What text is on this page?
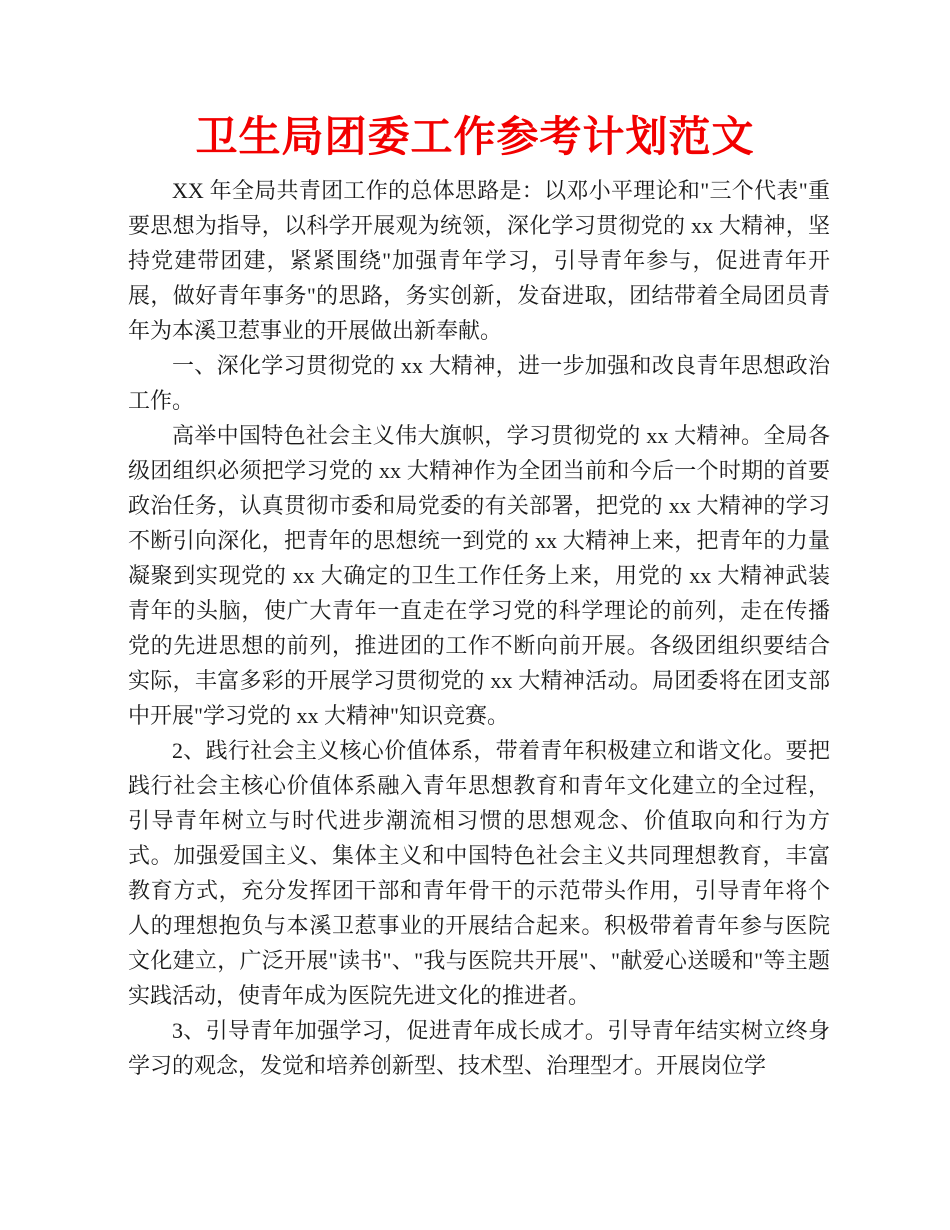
卫生局团委工作参考计划范文

XX 年全局共青团工作的总体思路是：以邓小平理论和"三个代表"重要思想为指导，以科学开展观为统领，深化学习贯彻党的 xx 大精神，坚持党建带团建，紧紧围绕"加强青年学习，引导青年参与，促进青年开展，做好青年事务"的思路，务实创新，发奋进取，团结带着全局团员青年为本溪卫惹事业的开展做出新奉献。

一、深化学习贯彻党的 xx 大精神，进一步加强和改良青年思想政治工作。

高举中国特色社会主义伟大旗帜，学习贯彻党的 xx 大精神。全局各级团组织必须把学习党的 xx 大精神作为全团当前和今后一个时期的首要政治任务，认真贯彻市委和局党委的有关部署，把党的 xx 大精神的学习不断引向深化，把青年的思想统一到党的 xx 大精神上来，把青年的力量凝聚到实现党的 xx 大确定的卫生工作任务上来，用党的 xx 大精神武装青年的头脑，使广大青年一直走在学习党的科学理论的前列，走在传播党的先进思想的前列，推进团的工作不断向前开展。各级团组织要结合实际，丰富多彩的开展学习贯彻党的 xx 大精神活动。局团委将在团支部中开展"学习党的 xx 大精神"知识竞赛。

2、践行社会主义核心价值体系，带着青年积极建立和谐文化。要把践行社会主核心价值体系融入青年思想教育和青年文化建立的全过程，引导青年树立与时代进步潮流相习惯的思想观念、价值取向和行为方式。加强爱国主义、集体主义和中国特色社会主义共同理想教育，丰富教育方式，充分发挥团干部和青年骨干的示范带头作用，引导青年将个人的理想抱负与本溪卫惹事业的开展结合起来。积极带着青年参与医院文化建立，广泛开展"读书"、"我与医院共开展"、"献爱心送暖和"等主题实践活动，使青年成为医院先进文化的推进者。

3、引导青年加强学习，促进青年成长成才。引导青年结实树立终身学习的观念，发觉和培养创新型、技术型、治理型才。开展岗位学
